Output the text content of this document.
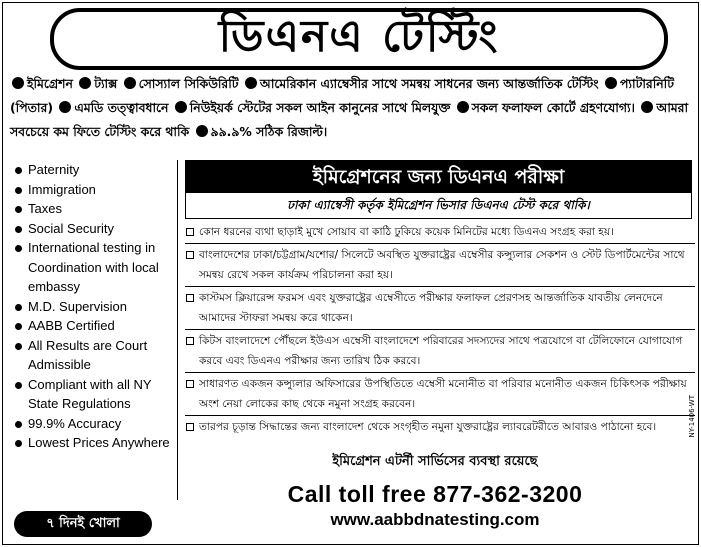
ডিএনএ টেস্টিং
ইমিগ্রেশন ট্যাক্স সোস্যাল সিকিউরিটি আমেরিকান এ্যাম্বেসীর সাথে সমন্বয় সাধনের জন্য আন্তর্জাতিক টেস্টিং প্যাটারনিটি (পিতার) এমডি তত্ত্বাবধানে নিউইয়র্ক স্টেটের সকল আইন কানুনের সাথে মিলযুক্ত সকল ফলাফল কোর্টে গ্রহণযোগ্য। আমরা সবচেয়ে কম ফিতে টেস্টিং করে থাকি ৯৯.৯% সঠিক রিজাল্ট।
Paternity
Immigration
Taxes
Social Security
International testing in Coordination with local embassy
M.D. Supervision
AABB Certified
All Results are Court Admissible
Compliant with all NY State Regulations
99.9% Accuracy
Lowest Prices Anywhere
৭ দিনই খোলা
ইমিগ্রেশনের জন্য ডিএনএ পরীক্ষা
ঢাকা এ্যাম্বেসী কর্তৃক ইমিগ্রেশন ভিসার ডিএনএ টেস্ট করে থাকি।
কোন ধরনের ব্যথা ছাড়াই মুখে সোয়াব বা কাঠি ঢুকিয়ে কয়েক মিনিটের মধ্যে ডিএনএ সংগ্রহ করা হয়।
বাংলাদেশের ঢাকা/চট্টগ্রাম/যশোর/ সিলেটে অবস্থিত যুক্তরাষ্ট্রের এম্বেসীর কন্স্যুলার সেকশন ও স্টেট ডিপার্টমেন্টের সাথে সমন্বয় রেখে সকল কার্যক্রম পরিচালনা করা হয়।
কাস্টমস ক্লিয়ারেন্স ফরমস এবং যুক্তরাষ্ট্রের এম্বেসীতে পরীক্ষার ফলাফল প্রেরণসহ আন্তর্জাতিক যাবতীয় লেনদেনে আমাদের স্টাফরা সমন্বয় করে থাকেন।
কিটস বাংলাদেশে পৌঁছলে ইউএস এম্বেসী বাংলাদেশে পরিবারের সদস্যদের সাথে পত্রযোগে বা টেলিফোনে যোগাযোগ করবে এবং ডিএনএ পরীক্ষার জন্য তারিখ ঠিক করবে।
সাধারণত একজন কন্স্যুলার অফিসারের উপস্থিতিতে এম্বেসী মনোনীত বা পরিবার মনোনীত একজন চিকিৎসক পরীক্ষায় অংশ নেয়া লোকের কাছ থেকে নমুনা সংগ্রহ করবেন।
তারপর চূড়ান্ত সিদ্ধান্তের জন্য বাংলাদেশ থেকে সংগৃহীত নমুনা যুক্তরাষ্ট্রের ল্যাবরেটরীতে আবারও পাঠানো হবে।
ইমিগ্রেশন এটর্নী সার্ভিসের ব্যবস্থা রয়েছে
Call toll free 877-362-3200
www.aabbdnatesting.com
NY-1406-WT
